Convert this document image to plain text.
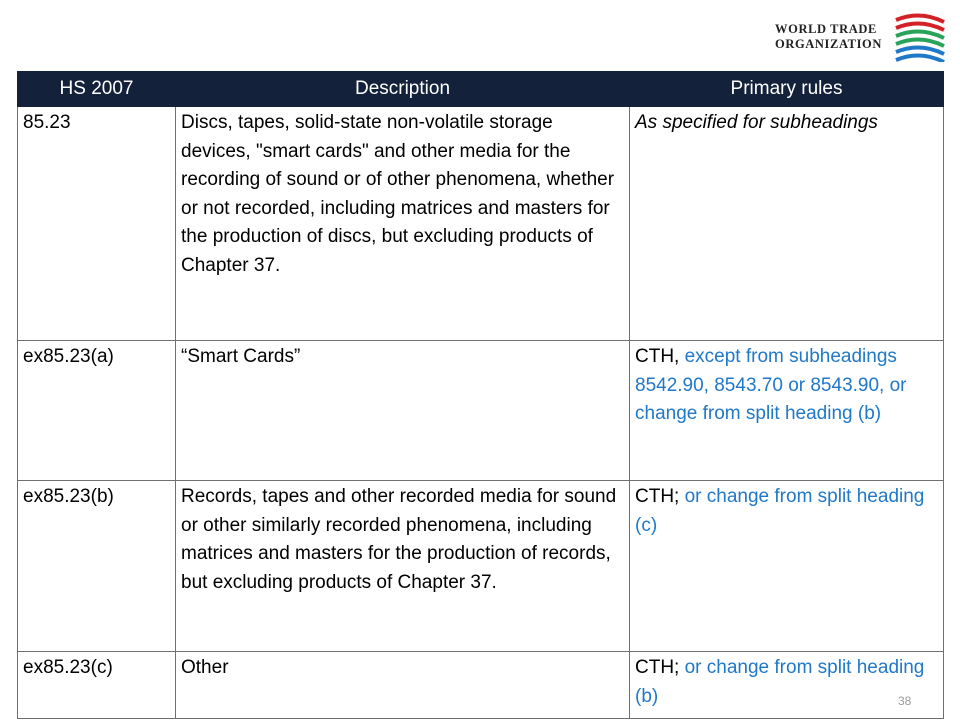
WORLD TRADE
ORGANIZATION
HS 2007	Description	Primary rules
85.23	Discs, tapes, solid-state non-volatile storage devices, "smart cards" and other media for the recording of sound or of other phenomena, whether or not recorded, including matrices and masters for the production of discs, but excluding products of Chapter 37.	As specified for subheadings
ex85.23(a)	“Smart Cards”	CTH, except from subheadings 8542.90, 8543.70 or 8543.90, or change from split heading (b)
ex85.23(b)	Records, tapes and other recorded media for sound or other similarly recorded phenomena, including matrices and masters for the production of records, but excluding products of Chapter 37.	CTH; or change from split heading (c)
ex85.23(c)	Other	CTH; or change from split heading (b)	38
